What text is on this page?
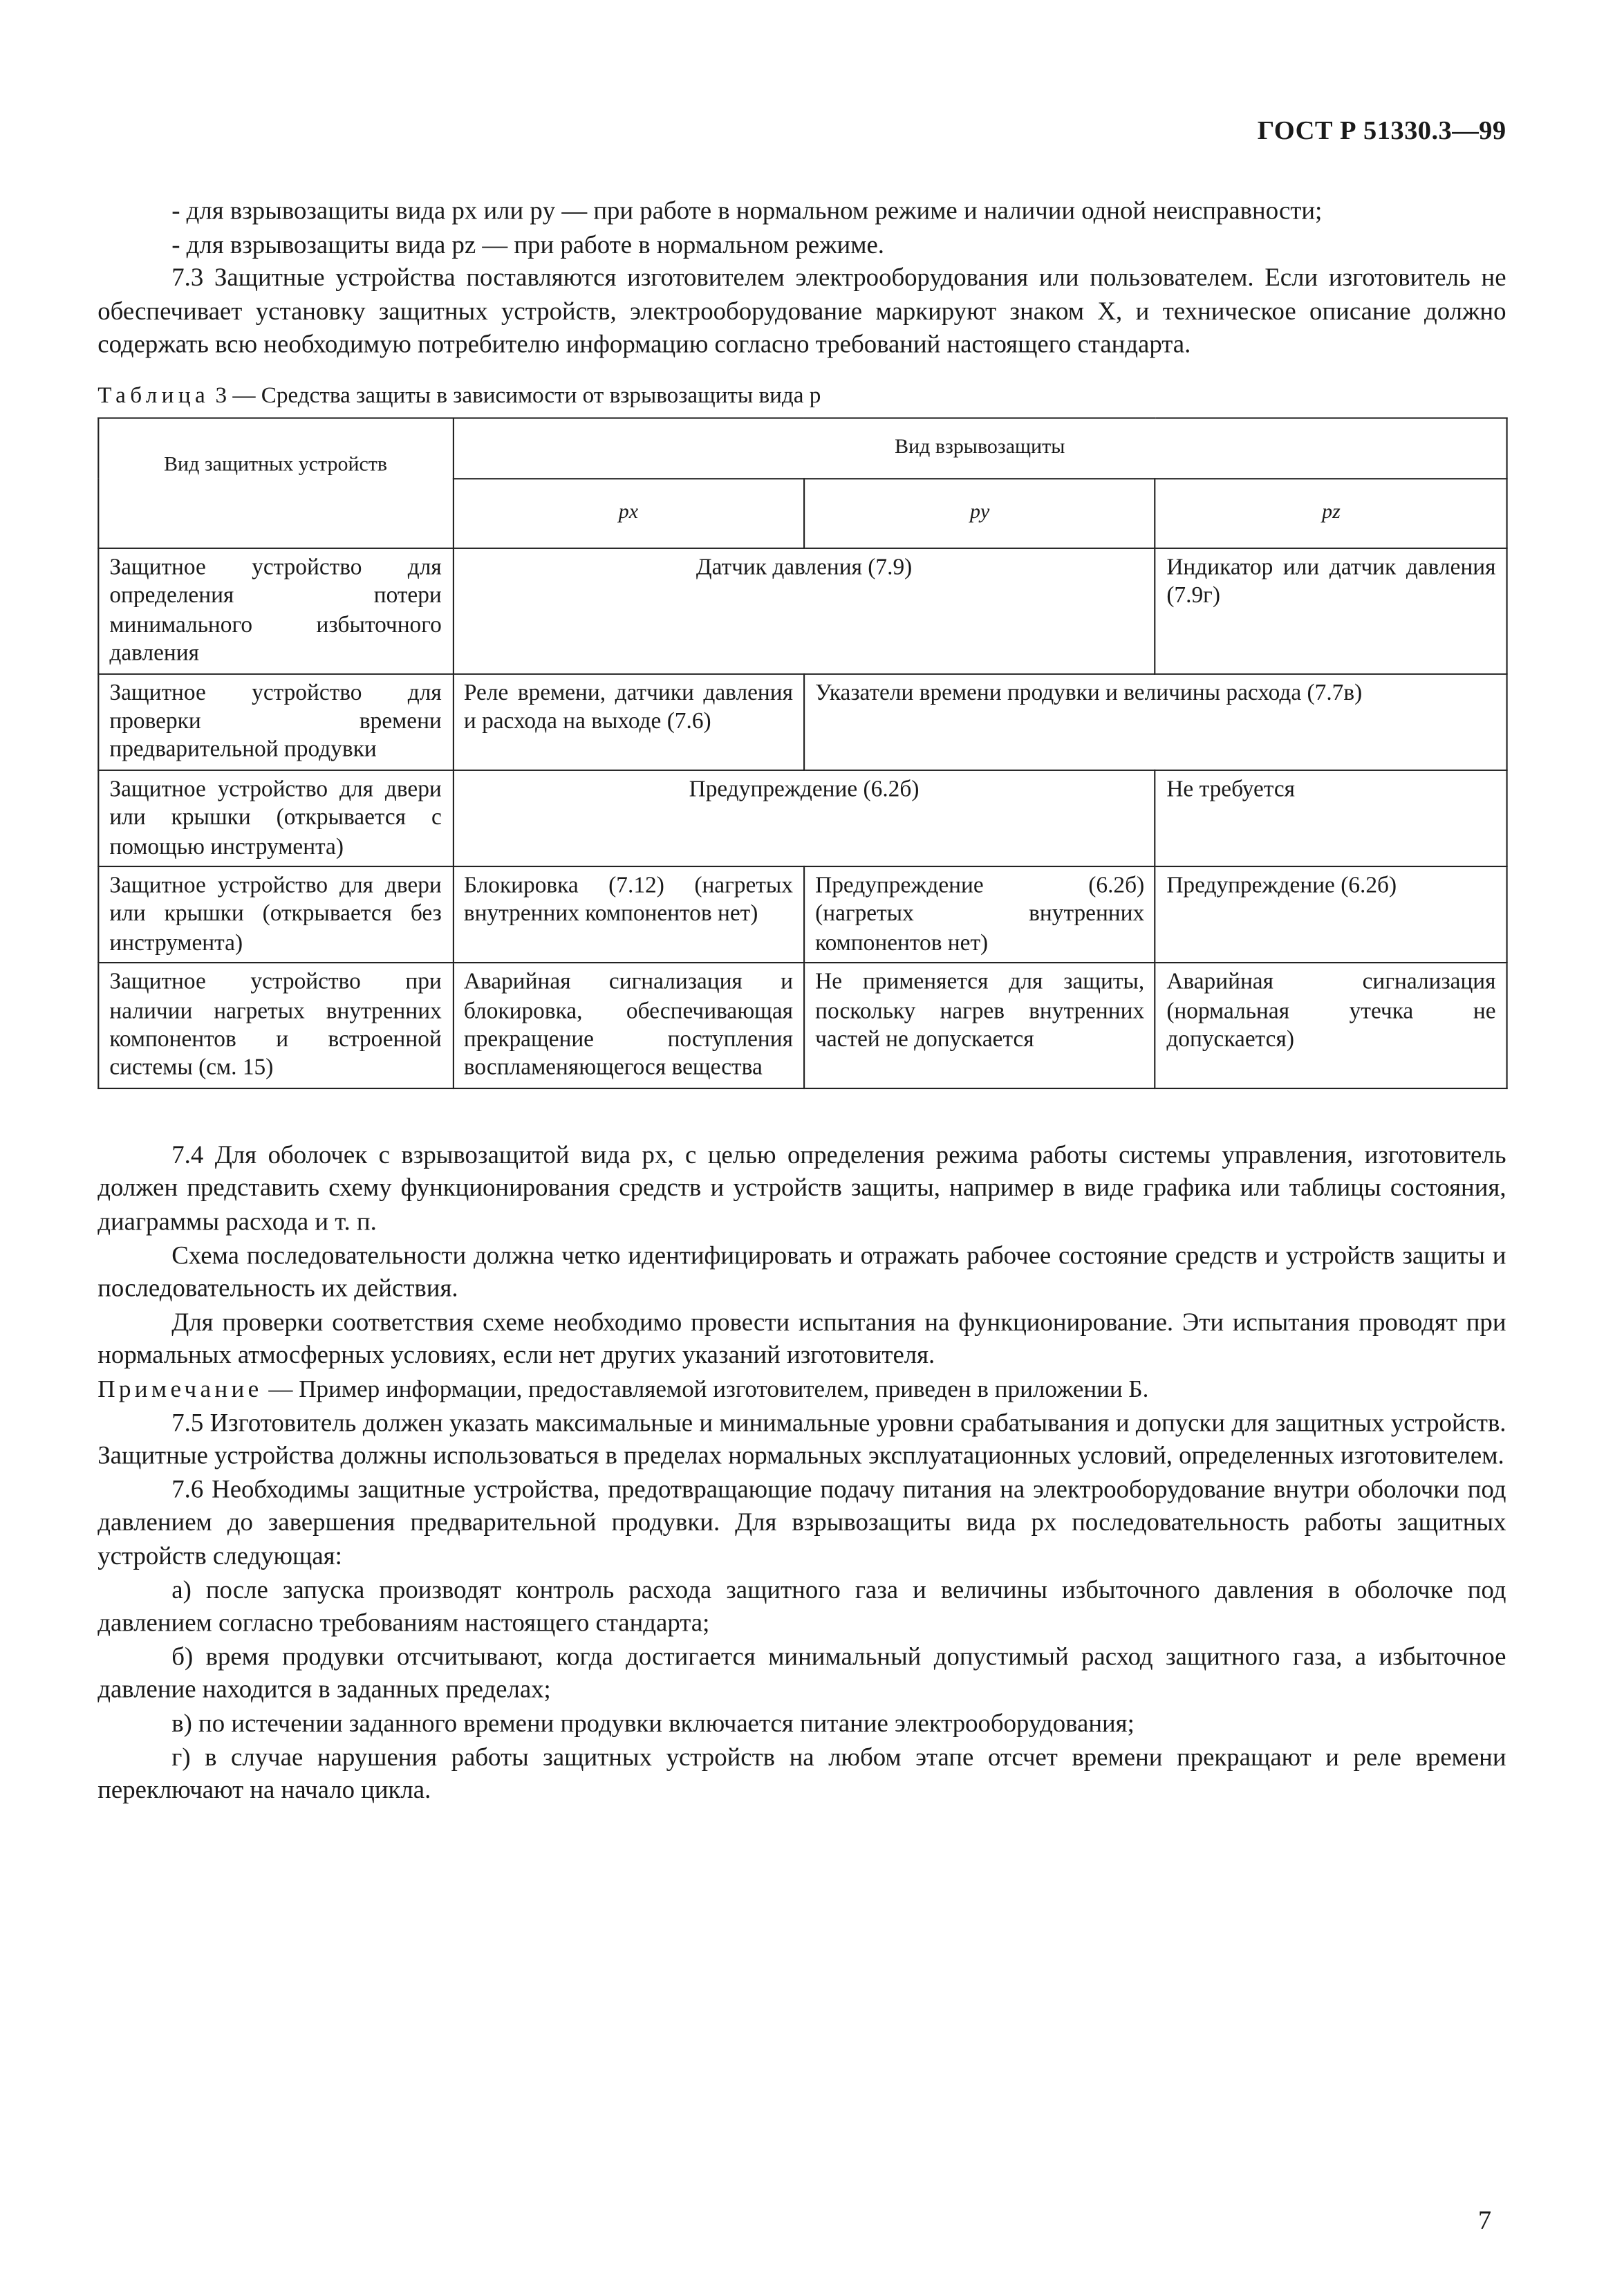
ГОСТ Р 51330.3—99

- для взрывозащиты вида px или py — при работе в нормальном режиме и наличии одной неисправности;

- для взрывозащиты вида pz — при работе в нормальном режиме.

7.3 Защитные устройства поставляются изготовителем электрооборудования или пользователем. Если изготовитель не обеспечивает установку защитных устройств, электрооборудование маркируют знаком X, и техническое описание должно содержать всю необходимую потребителю информацию согласно требований настоящего стандарта.

Таблица 3 — Средства защиты в зависимости от взрывозащиты вида p
Вид защитных устройств	Вид взрывозащиты		
	px	py	pz
Защитное устройство для определения потери минимального избыточного давления	Датчик давления (7.9)		Индикатор или датчик давления (7.9г)
Защитное устройство для проверки времени предварительной продувки	Реле времени, датчики давления и расхода на выходе (7.6)	Указатели времени продувки и величины расхода (7.7в)	
Защитное устройство для двери или крышки (открывается с помощью инструмента)	Предупреждение (6.2б)		Не требуется
Защитное устройство для двери или крышки (открывается без инструмента)	Блокировка (7.12) (нагретых внутренних компонентов нет)	Предупреждение (6.2б) (нагретых внутренних компонентов нет)	Предупреждение (6.2б)
Защитное устройство при наличии нагретых внутренних компонентов и встроенной системы (см. 15)	Аварийная сигнализация и блокировка, обеспечивающая прекращение поступления воспламеняющегося вещества	Не применяется для защиты, поскольку нагрев внутренних частей не допускается	Аварийная сигнализация (нормальная утечка не допускается)

7.4 Для оболочек с взрывозащитой вида px, с целью определения режима работы системы управления, изготовитель должен представить схему функционирования средств и устройств защиты, например в виде графика или таблицы состояния, диаграммы расхода и т. п.

Схема последовательности должна четко идентифицировать и отражать рабочее состояние средств и устройств защиты и последовательность их действия.

Для проверки соответствия схеме необходимо провести испытания на функционирование. Эти испытания проводят при нормальных атмосферных условиях, если нет других указаний изготовителя.

Примечание — Пример информации, предоставляемой изготовителем, приведен в приложении Б.

7.5 Изготовитель должен указать максимальные и минимальные уровни срабатывания и допуски для защитных устройств. Защитные устройства должны использоваться в пределах нормальных эксплуатационных условий, определенных изготовителем.

7.6 Необходимы защитные устройства, предотвращающие подачу питания на электрооборудование внутри оболочки под давлением до завершения предварительной продувки. Для взрывозащиты вида px последовательность работы защитных устройств следующая:

а) после запуска производят контроль расхода защитного газа и величины избыточного давления в оболочке под давлением согласно требованиям настоящего стандарта;

б) время продувки отсчитывают, когда достигается минимальный допустимый расход защитного газа, а избыточное давление находится в заданных пределах;

в) по истечении заданного времени продувки включается питание электрооборудования;

г) в случае нарушения работы защитных устройств на любом этапе отсчет времени прекращают и реле времени переключают на начало цикла.

7
